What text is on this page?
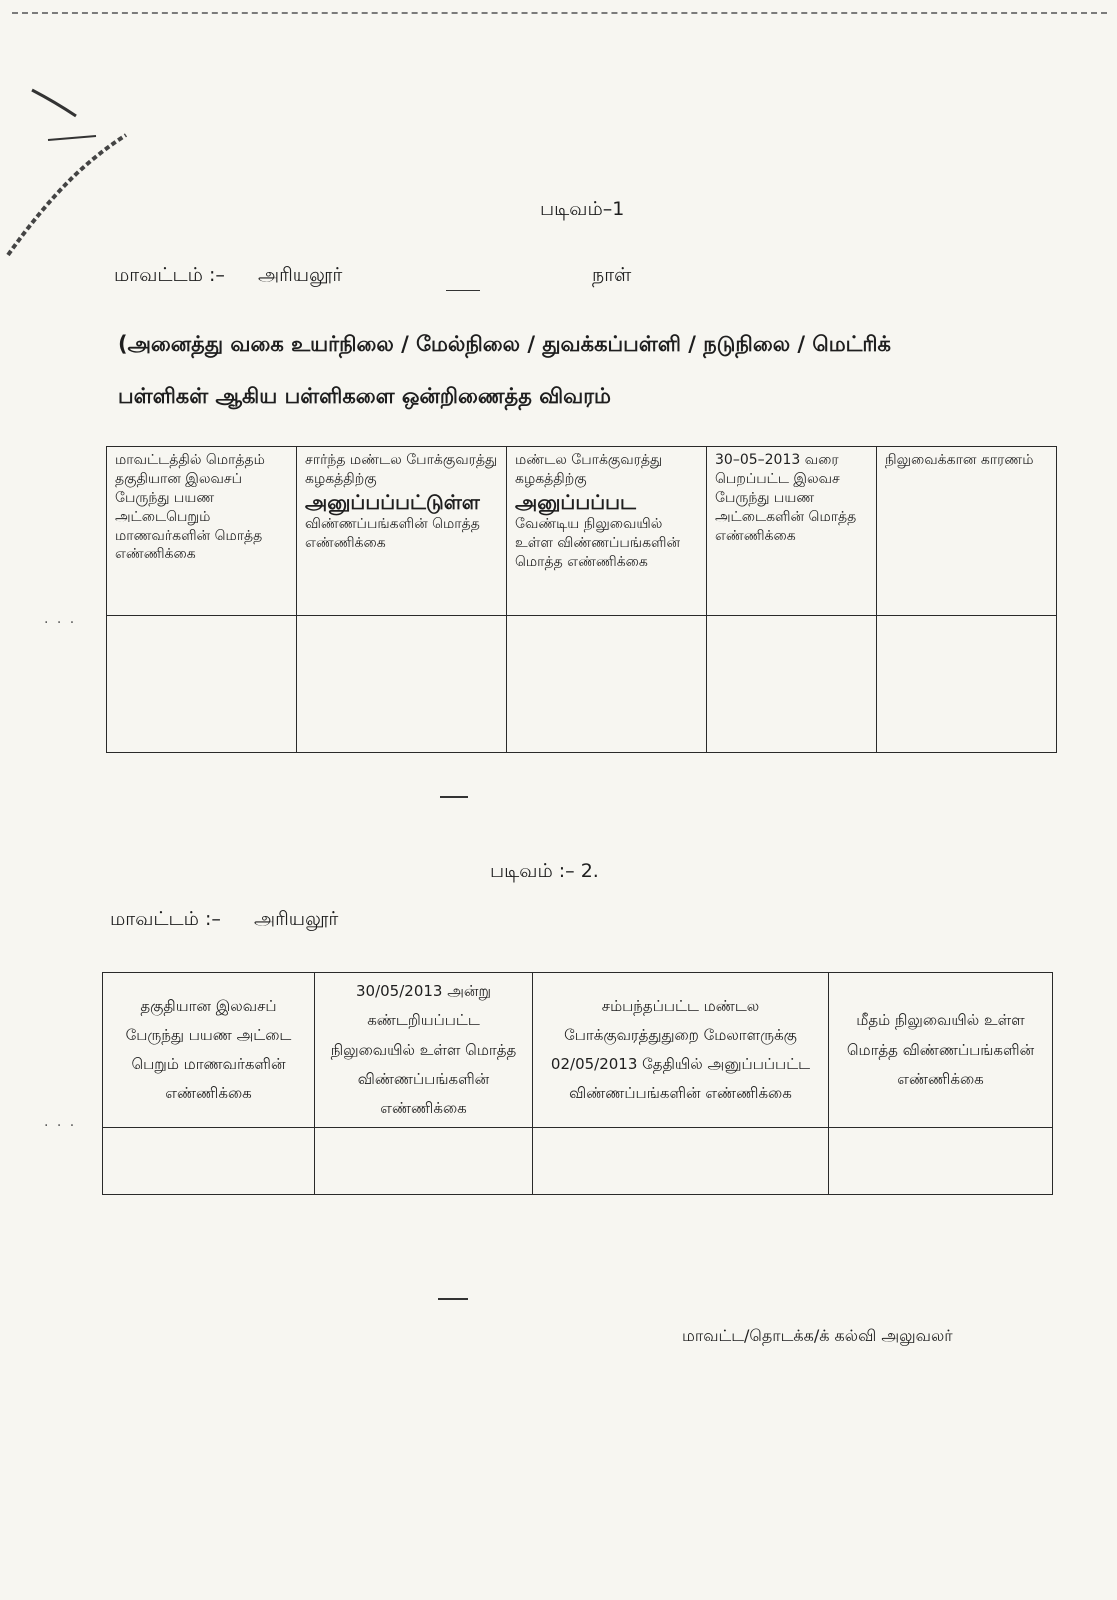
படிவம்–1
மாவட்டம் :– அரியலூர்	நாள்
(அனைத்து வகை உயர்நிலை / மேல்நிலை / துவக்கப்பள்ளி / நடுநிலை / மெட்ரிக்
பள்ளிகள் ஆகிய பள்ளிகளை ஒன்றிணைத்த விவரம்
மாவட்டத்தில் மொத்தம் தகுதியான இலவசப் பேருந்து பயண அட்டைபெறும் மாணவர்களின் மொத்த எண்ணிக்கை	சார்ந்த மண்டல போக்குவரத்து கழகத்திற்கு
அனுப்பப்பட்டுள்ள
விண்ணப்பங்களின் மொத்த எண்ணிக்கை	மண்டல போக்குவரத்து கழகத்திற்கு
அனுப்பப்பட
வேண்டிய நிலுவையில் உள்ள விண்ணப்பங்களின் மொத்த எண்ணிக்கை	30–05–2013 வரை பெறப்பட்ட இலவச பேருந்து பயண அட்டைகளின் மொத்த எண்ணிக்கை	நிலுவைக்கான காரணம்

· · ·
படிவம் :– 2.
மாவட்டம் :– அரியலூர்
தகுதியான இலவசப் பேருந்து பயண அட்டை பெறும் மாணவர்களின் எண்ணிக்கை	30/05/2013 அன்று கண்டறியப்பட்ட நிலுவையில் உள்ள மொத்த விண்ணப்பங்களின் எண்ணிக்கை	சம்பந்தப்பட்ட மண்டல போக்குவரத்துதுறை மேலாளருக்கு 02/05/2013 தேதியில் அனுப்பப்பட்ட விண்ணப்பங்களின் எண்ணிக்கை	மீதம் நிலுவையில் உள்ள மொத்த விண்ணப்பங்களின் எண்ணிக்கை

· · ·
மாவட்ட/தொடக்க/க் கல்வி அலுவலர்
